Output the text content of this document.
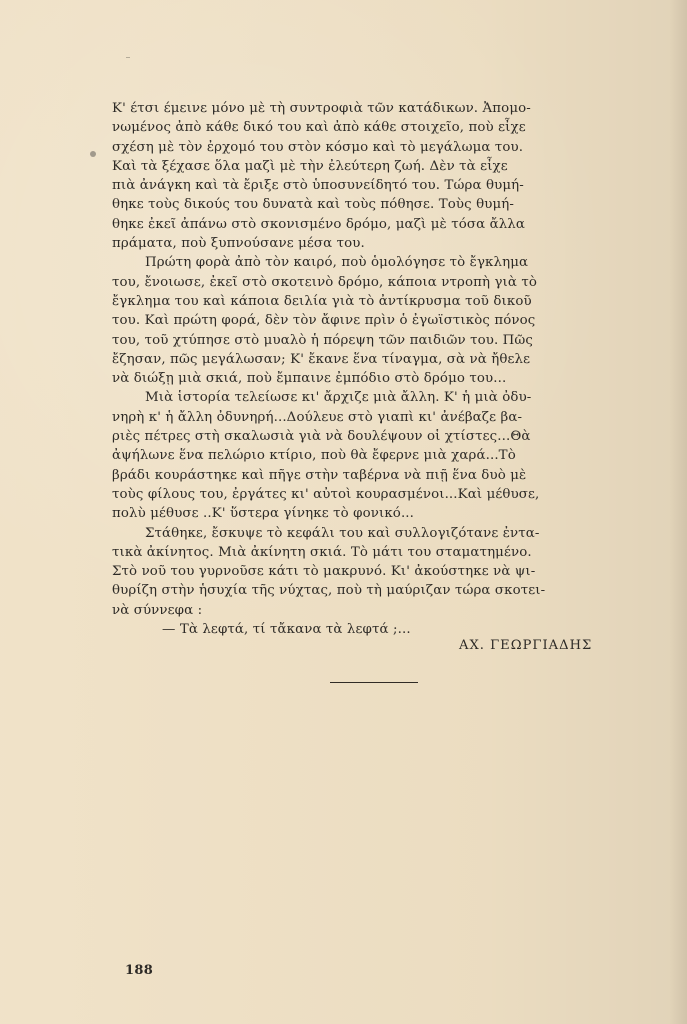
Κ' έτσι έμεινε μόνο μὲ τὴ συντροφιὰ τῶν κατάδικων. Ἀπομο-
νωμένος ἀπὸ κάθε δικό του καὶ ἀπὸ κάθε στοιχεῖο, ποὺ εἶχε
σχέση μὲ τὸν ἐρχομό του στὸν κόσμο καὶ τὸ μεγάλωμα του.
Καὶ τὰ ξέχασε ὅλα μαζὶ μὲ τὴν ἐλεύτερη ζωή. Δὲν τὰ εἶχε
πιὰ ἀνάγκη καὶ τὰ ἔριξε στὸ ὑποσυνείδητό του. Τώρα θυμή-
θηκε τοὺς δικούς του δυνατὰ καὶ τοὺς πόθησε. Τοὺς θυμή-
θηκε ἐκεῖ ἀπάνω στὸ σκονισμένο δρόμο, μαζὶ μὲ τόσα ἄλλα
πράματα, ποὺ ξυπνούσανε μέσα του.
Πρώτη φορὰ ἀπὸ τὸν καιρό, ποὺ ὁμολόγησε τὸ ἔγκλημα
του, ἔνοιωσε, ἐκεῖ στὸ σκοτεινὸ δρόμο, κάποια ντροπὴ γιὰ τὸ
ἔγκλημα του καὶ κάποια δειλία γιὰ τὸ ἀντίκρυσμα τοῦ δικοῦ
του. Καὶ πρώτη φορά, δὲν τὸν ἄφινε πρὶν ὁ ἐγωϊστικὸς πόνος
του, τοῦ χτύπησε στὸ μυαλὸ ἡ πόρεψη τῶν παιδιῶν του. Πῶς
ἔζησαν, πῶς μεγάλωσαν; Κ' ἔκανε ἕνα τίναγμα, σὰ νὰ ἤθελε
νὰ διώξῃ μιὰ σκιά, ποὺ ἔμπαινε ἐμπόδιο στὸ δρόμο του...
Μιὰ ἱστορία τελείωσε κι' ἄρχιζε μιὰ ἄλλη. Κ' ἡ μιὰ ὀδυ-
νηρὴ κ' ἡ ἄλλη ὀδυνηρή...Δούλευε στὸ γιαπὶ κι' ἀνέβαζε βα-
ριὲς πέτρες στὴ σκαλωσιὰ γιὰ νὰ δουλέψουν οἱ χτίστες...Θὰ
ἀψήλωνε ἕνα πελώριο κτίριο, ποὺ θὰ ἔφερνε μιὰ χαρά...Τὸ
βράδι κουράστηκε καὶ πῆγε στὴν ταβέρνα νὰ πιῇ ἕνα δυὸ μὲ
τοὺς φίλους του, ἐργάτες κι' αὐτοὶ κουρασμένοι...Καὶ μέθυσε,
πολὺ μέθυσε ..Κ' ὕστερα γίνηκε τὸ φονικό...
Στάθηκε, ἔσκυψε τὸ κεφάλι του καὶ συλλογιζότανε ἐντα-
τικὰ ἀκίνητος. Μιὰ ἀκίνητη σκιά. Τὸ μάτι του σταματημένο.
Στὸ νοῦ του γυρνοῦσε κάτι τὸ μακρυνό. Κι' ἀκούστηκε νὰ ψι-
θυρίζη στὴν ἡσυχία τῆς νύχτας, ποὺ τὴ μαύριζαν τώρα σκοτει-
νὰ σύννεφα :
— Τὰ λεφτά, τί τἄκανα τὰ λεφτά ;...
ΑΧ. ΓΕΩΡΓΙΑΔΗΣ
188
